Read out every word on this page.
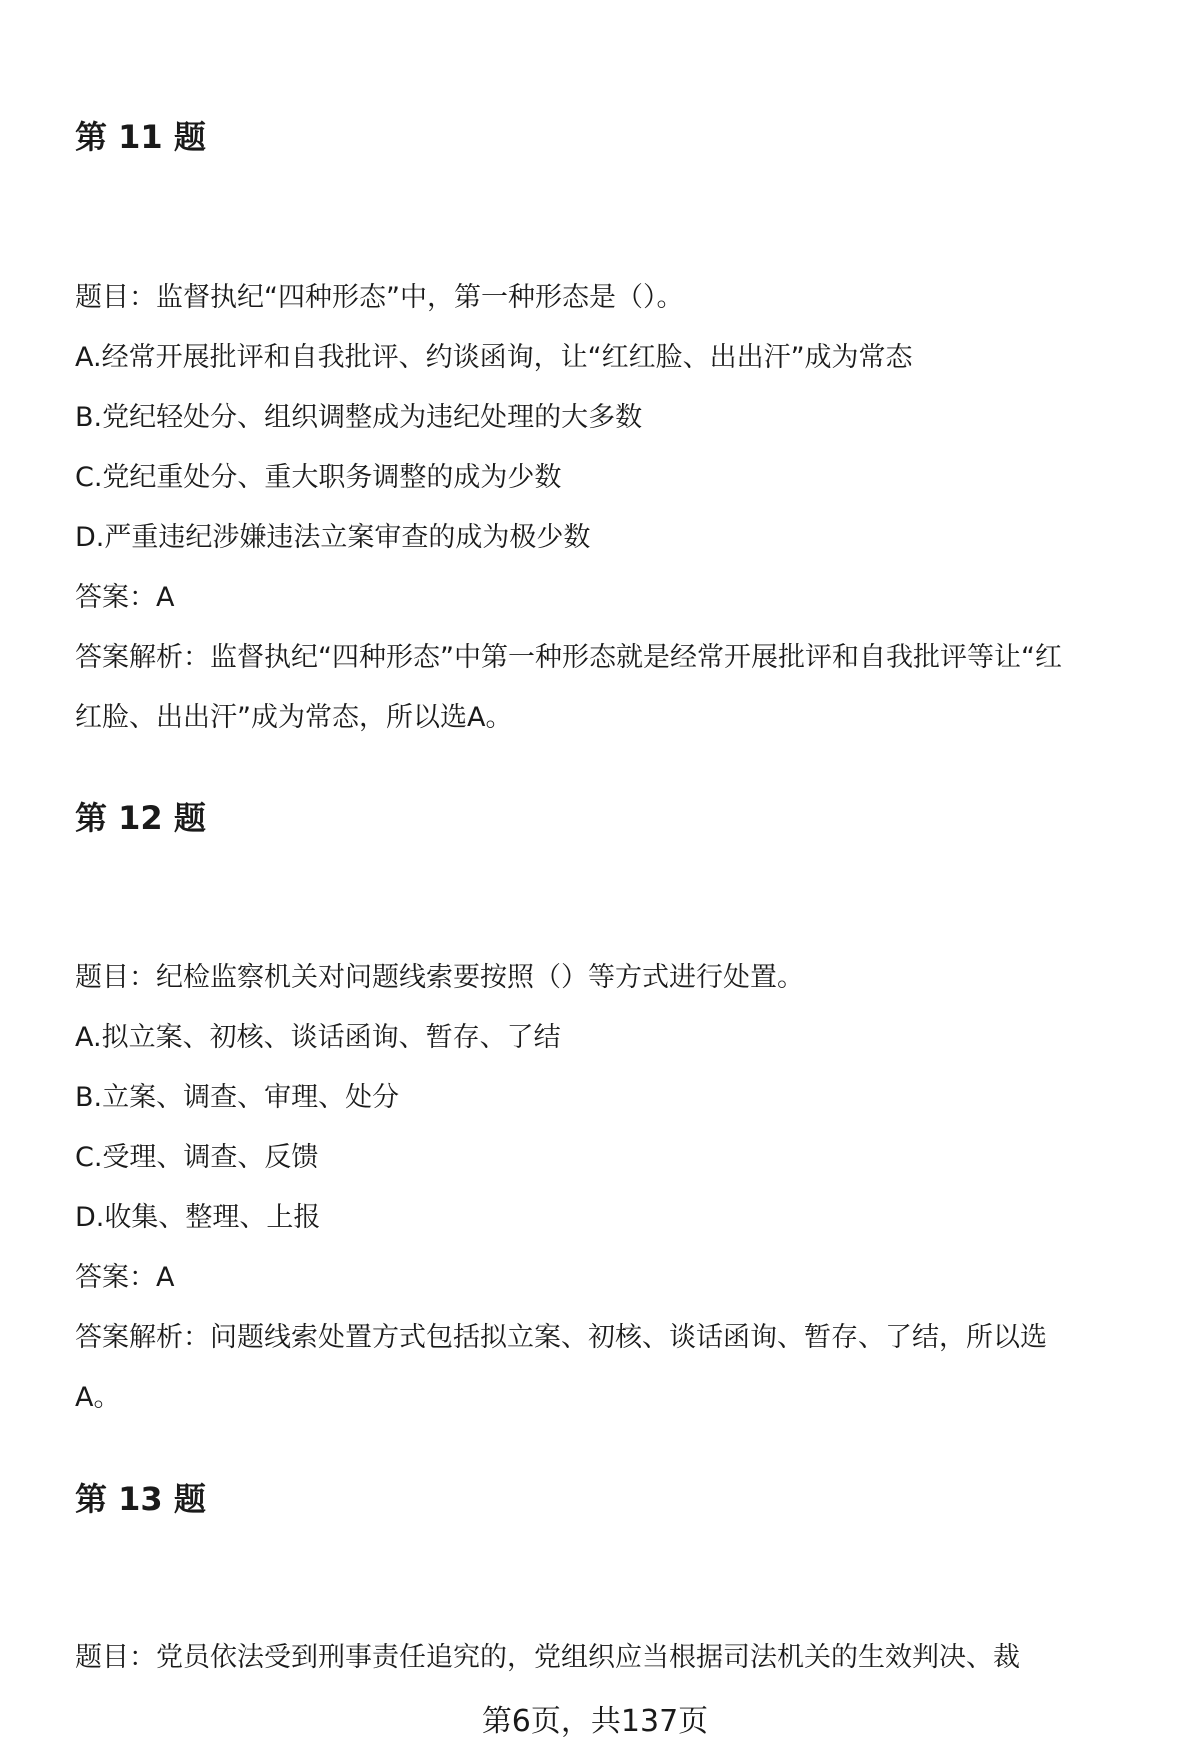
第 11 题
题目：监督执纪“四种形态”中，第一种形态是（）。
A.经常开展批评和自我批评、约谈函询，让“红红脸、出出汗”成为常态
B.党纪轻处分、组织调整成为违纪处理的大多数
C.党纪重处分、重大职务调整的成为少数
D.严重违纪涉嫌违法立案审查的成为极少数
答案：A
答案解析：监督执纪“四种形态”中第一种形态就是经常开展批评和自我批评等让“红
红脸、出出汗”成为常态，所以选A。
第 12 题
题目：纪检监察机关对问题线索要按照（）等方式进行处置。
A.拟立案、初核、谈话函询、暂存、了结
B.立案、调查、审理、处分
C.受理、调查、反馈
D.收集、整理、上报
答案：A
答案解析：问题线索处置方式包括拟立案、初核、谈话函询、暂存、了结，所以选
A。
第 13 题
题目：党员依法受到刑事责任追究的，党组织应当根据司法机关的生效判决、裁
第6页，共137页
